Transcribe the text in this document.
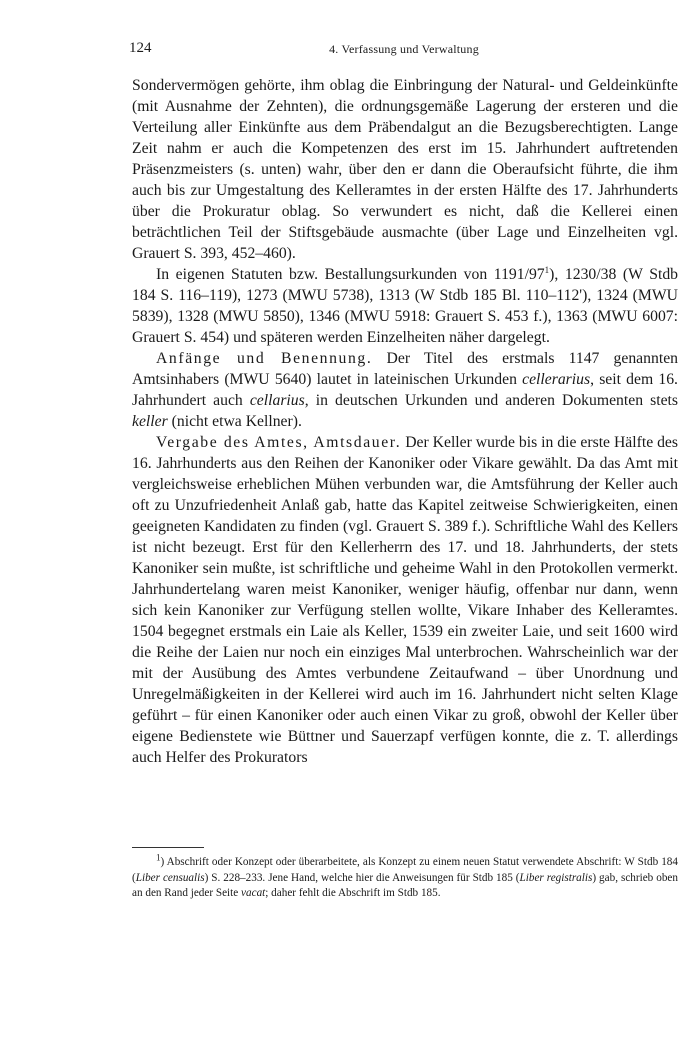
124	4. Verfassung und Verwaltung

Sondervermögen gehörte, ihm oblag die Einbringung der Natural- und Geldeinkünfte (mit Ausnahme der Zehnten), die ordnungsgemäße Lagerung der ersteren und die Verteilung aller Einkünfte aus dem Präbendalgut an die Bezugsberechtigten. Lange Zeit nahm er auch die Kompetenzen des erst im 15. Jahrhundert auftretenden Präsenzmeisters (s. unten) wahr, über den er dann die Oberaufsicht führte, die ihm auch bis zur Umgestaltung des Kelleramtes in der ersten Hälfte des 17. Jahrhunderts über die Prokuratur oblag. So verwundert es nicht, daß die Kellerei einen beträchtlichen Teil der Stiftsgebäude ausmachte (über Lage und Einzelheiten vgl. Grauert S. 393, 452–460).

In eigenen Statuten bzw. Bestallungsurkunden von $1191/97^1$), 1230/38 (W Stdb 184 S. 116–119), 1273 (MWU 5738), 1313 (W Stdb 185 Bl. 110–112'), 1324 (MWU 5839), 1328 (MWU 5850), 1346 (MWU 5918: Grauert S. 453 f.), 1363 (MWU 6007: Grauert S. 454) und späteren werden Einzelheiten näher dargelegt.

Anfänge und Benennung. Der Titel des erstmals 1147 genannten Amtsinhabers (MWU 5640) lautet in lateinischen Urkunden cellerarius, seit dem 16. Jahrhundert auch cellarius, in deutschen Urkunden und anderen Dokumenten stets keller (nicht etwa Kellner).

Vergabe des Amtes, Amtsdauer. Der Keller wurde bis in die erste Hälfte des 16. Jahrhunderts aus den Reihen der Kanoniker oder Vikare gewählt. Da das Amt mit vergleichsweise erheblichen Mühen verbunden war, die Amtsführung der Keller auch oft zu Unzufriedenheit Anlaß gab, hatte das Kapitel zeitweise Schwierigkeiten, einen geeigneten Kandidaten zu finden (vgl. Grauert S. 389 f.). Schriftliche Wahl des Kellers ist nicht bezeugt. Erst für den Kellerherrn des 17. und 18. Jahrhunderts, der stets Kanoniker sein mußte, ist schriftliche und geheime Wahl in den Protokollen vermerkt. Jahrhundertelang waren meist Kanoniker, weniger häufig, offenbar nur dann, wenn sich kein Kanoniker zur Verfügung stellen wollte, Vikare Inhaber des Kelleramtes. 1504 begegnet erstmals ein Laie als Keller, 1539 ein zweiter Laie, und seit 1600 wird die Reihe der Laien nur noch ein einziges Mal unterbrochen. Wahrscheinlich war der mit der Ausübung des Amtes verbundene Zeitaufwand – über Unordnung und Unregelmäßigkeiten in der Kellerei wird auch im 16. Jahrhundert nicht selten Klage geführt – für einen Kanoniker oder auch einen Vikar zu groß, obwohl der Keller über eigene Bedienstete wie Büttner und Sauerzapf verfügen konnte, die z. T. allerdings auch Helfer des Prokurators

$^1$) Abschrift oder Konzept oder überarbeitete, als Konzept zu einem neuen Statut verwendete Abschrift: W Stdb 184 (Liber censualis) S. 228–233. Jene Hand, welche hier die Anweisungen für Stdb 185 (Liber registralis) gab, schrieb oben an den Rand jeder Seite vacat; daher fehlt die Abschrift im Stdb 185.
